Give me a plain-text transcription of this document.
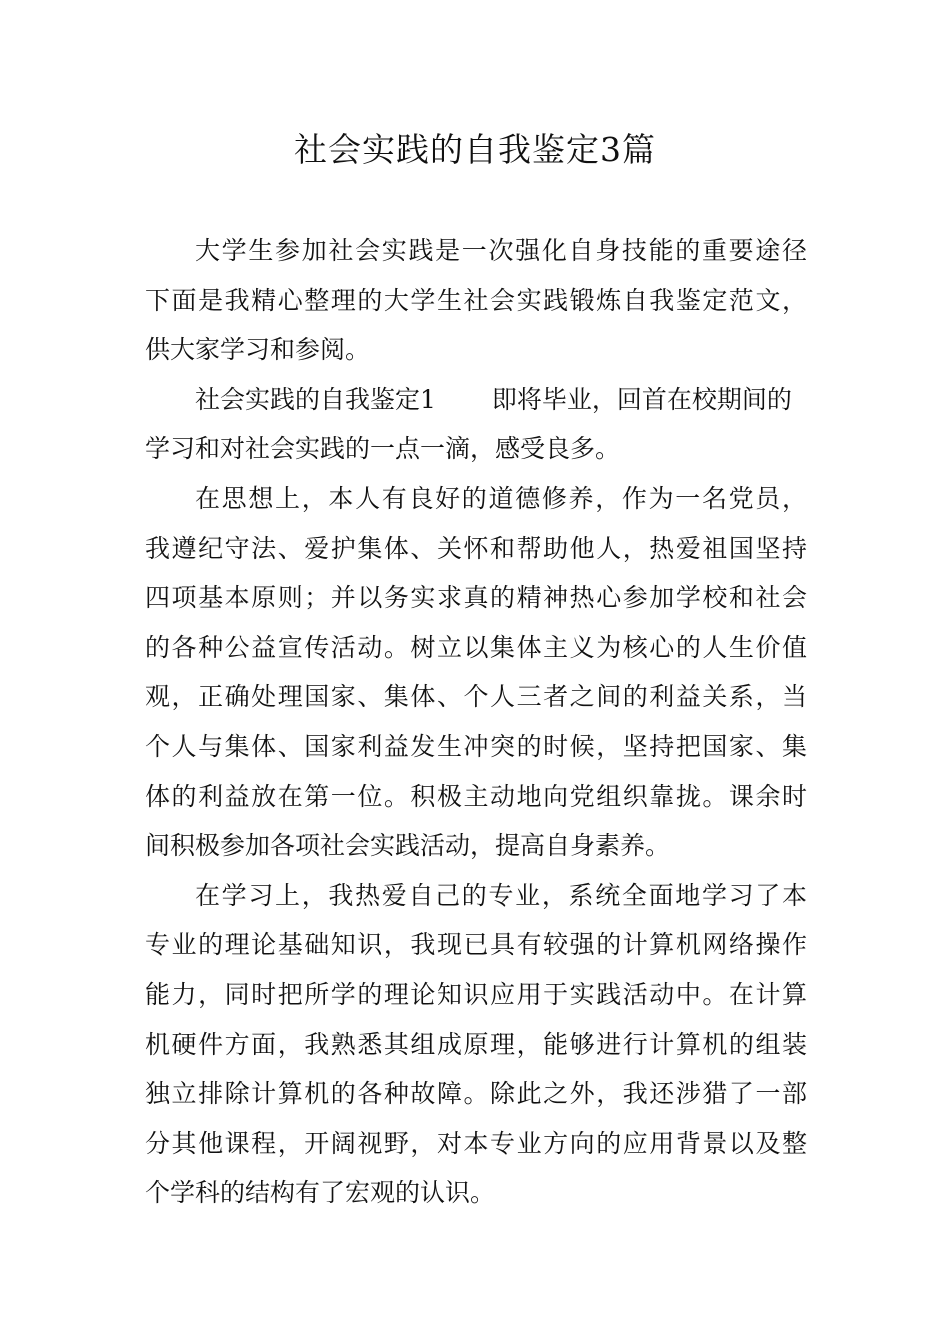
社会实践的自我鉴定3篇
大学生参加社会实践是一次强化自身技能的重要途径
下面是我精心整理的大学生社会实践锻炼自我鉴定范文，
供大家学习和参阅。
社会实践的自我鉴定1 即将毕业，回首在校期间的
学习和对社会实践的一点一滴，感受良多。
在思想上，本人有良好的道德修养，作为一名党员，
我遵纪守法、爱护集体、关怀和帮助他人，热爱祖国坚持
四项基本原则；并以务实求真的精神热心参加学校和社会
的各种公益宣传活动。树立以集体主义为核心的人生价值
观，正确处理国家、集体、个人三者之间的利益关系，当
个人与集体、国家利益发生冲突的时候，坚持把国家、集
体的利益放在第一位。积极主动地向党组织靠拢。课余时
间积极参加各项社会实践活动，提高自身素养。
在学习上，我热爱自己的专业，系统全面地学习了本
专业的理论基础知识，我现已具有较强的计算机网络操作
能力，同时把所学的理论知识应用于实践活动中。在计算
机硬件方面，我熟悉其组成原理，能够进行计算机的组装
独立排除计算机的各种故障。除此之外，我还涉猎了一部
分其他课程，开阔视野，对本专业方向的应用背景以及整
个学科的结构有了宏观的认识。
